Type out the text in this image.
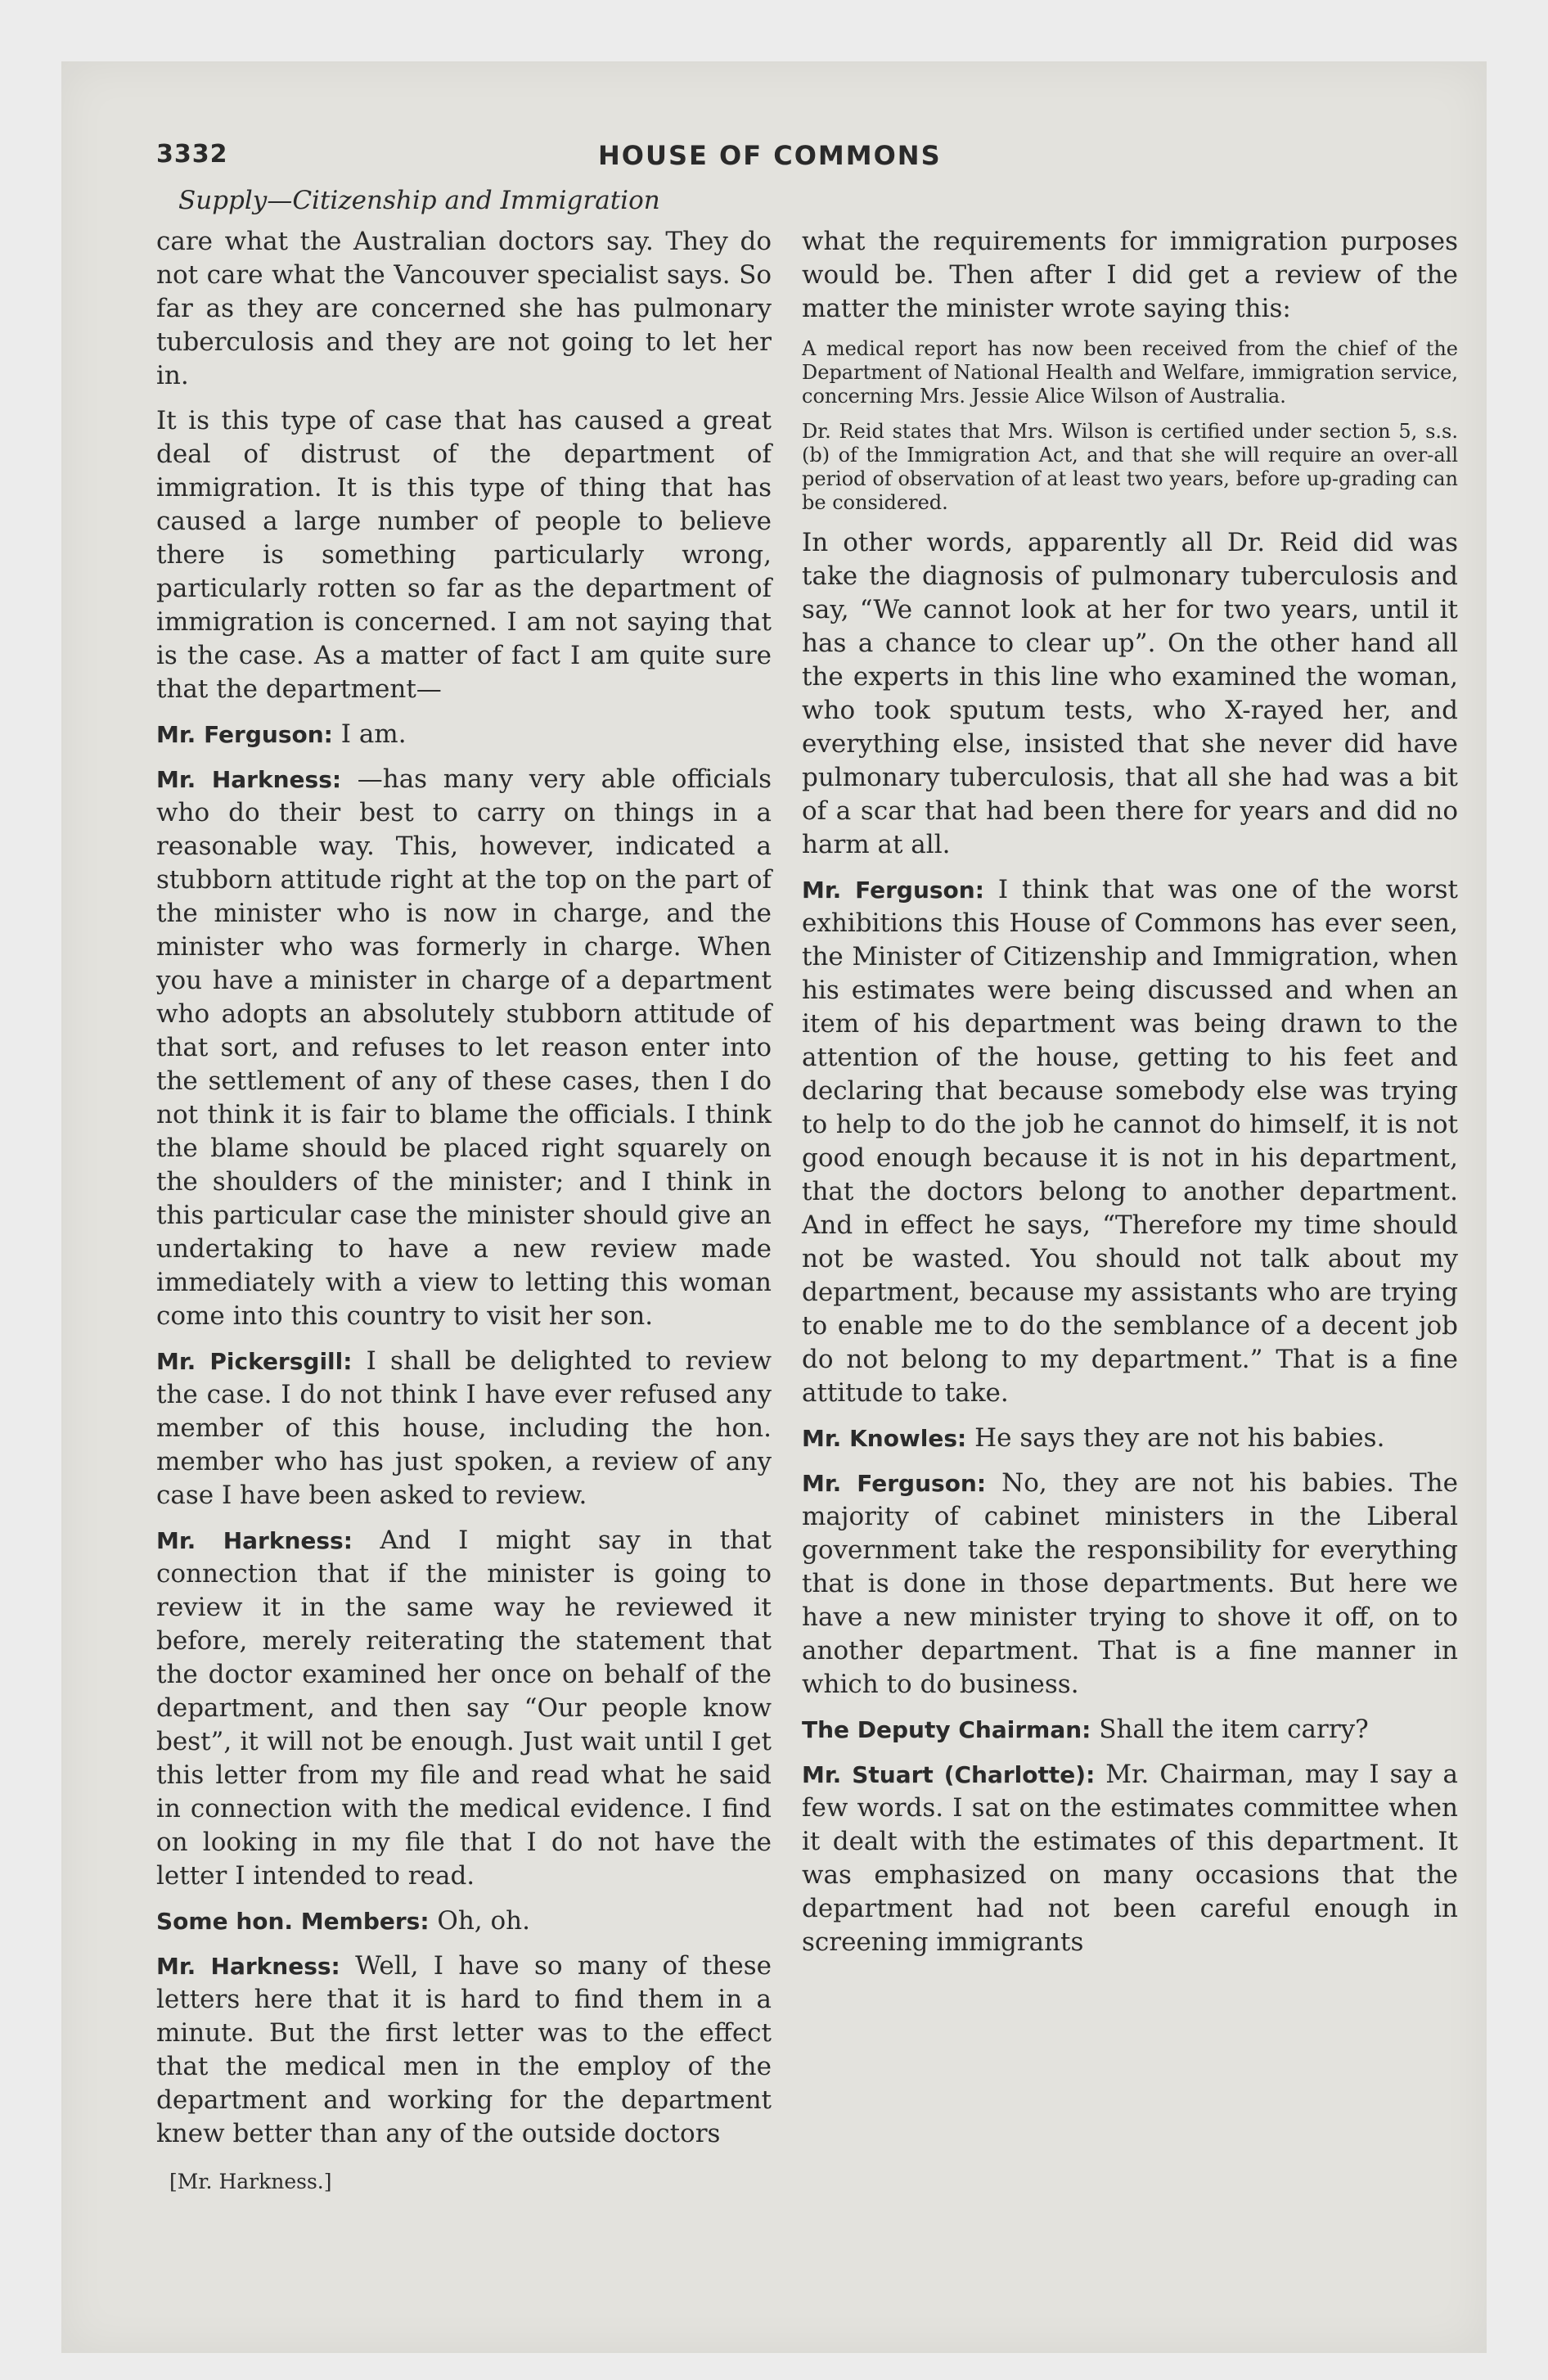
3332	HOUSE OF COMMONS
Supply—Citizenship and Immigration

care what the Australian doctors say. They do not care what the Vancouver specialist says. So far as they are concerned she has pulmonary tuberculosis and they are not going to let her in.

It is this type of case that has caused a great deal of distrust of the department of immigration. It is this type of thing that has caused a large number of people to believe there is something particularly wrong, particularly rotten so far as the department of immigration is concerned. I am not saying that is the case. As a matter of fact I am quite sure that the department—

Mr. Ferguson: I am.

Mr. Harkness: —has many very able officials who do their best to carry on things in a reasonable way. This, however, indicated a stubborn attitude right at the top on the part of the minister who is now in charge, and the minister who was formerly in charge. When you have a minister in charge of a department who adopts an absolutely stubborn attitude of that sort, and refuses to let reason enter into the settlement of any of these cases, then I do not think it is fair to blame the officials. I think the blame should be placed right squarely on the shoulders of the minister; and I think in this particular case the minister should give an undertaking to have a new review made immediately with a view to letting this woman come into this country to visit her son.

Mr. Pickersgill: I shall be delighted to review the case. I do not think I have ever refused any member of this house, including the hon. member who has just spoken, a review of any case I have been asked to review.

Mr. Harkness: And I might say in that connection that if the minister is going to review it in the same way he reviewed it before, merely reiterating the statement that the doctor examined her once on behalf of the department, and then say “Our people know best”, it will not be enough. Just wait until I get this letter from my file and read what he said in connection with the medical evidence. I find on looking in my file that I do not have the letter I intended to read.

Some hon. Members: Oh, oh.

Mr. Harkness: Well, I have so many of these letters here that it is hard to find them in a minute. But the first letter was to the effect that the medical men in the employ of the department and working for the department knew better than any of the outside doctors

what the requirements for immigration purposes would be. Then after I did get a review of the matter the minister wrote saying this:

A medical report has now been received from the chief of the Department of National Health and Welfare, immigration service, concerning Mrs. Jessie Alice Wilson of Australia.

Dr. Reid states that Mrs. Wilson is certified under section 5, s.s. (b) of the Immigration Act, and that she will require an over-all period of observation of at least two years, before up-grading can be considered.

In other words, apparently all Dr. Reid did was take the diagnosis of pulmonary tuberculosis and say, “We cannot look at her for two years, until it has a chance to clear up”. On the other hand all the experts in this line who examined the woman, who took sputum tests, who X-rayed her, and everything else, insisted that she never did have pulmonary tuberculosis, that all she had was a bit of a scar that had been there for years and did no harm at all.

Mr. Ferguson: I think that was one of the worst exhibitions this House of Commons has ever seen, the Minister of Citizenship and Immigration, when his estimates were being discussed and when an item of his department was being drawn to the attention of the house, getting to his feet and declaring that because somebody else was trying to help to do the job he cannot do himself, it is not good enough because it is not in his department, that the doctors belong to another department. And in effect he says, “Therefore my time should not be wasted. You should not talk about my department, because my assistants who are trying to enable me to do the semblance of a decent job do not belong to my department.” That is a fine attitude to take.

Mr. Knowles: He says they are not his babies.

Mr. Ferguson: No, they are not his babies. The majority of cabinet ministers in the Liberal government take the responsibility for everything that is done in those departments. But here we have a new minister trying to shove it off, on to another department. That is a fine manner in which to do business.

The Deputy Chairman: Shall the item carry?

Mr. Stuart (Charlotte): Mr. Chairman, may I say a few words. I sat on the estimates committee when it dealt with the estimates of this department. It was emphasized on many occasions that the department had not been careful enough in screening immigrants

[Mr. Harkness.]
